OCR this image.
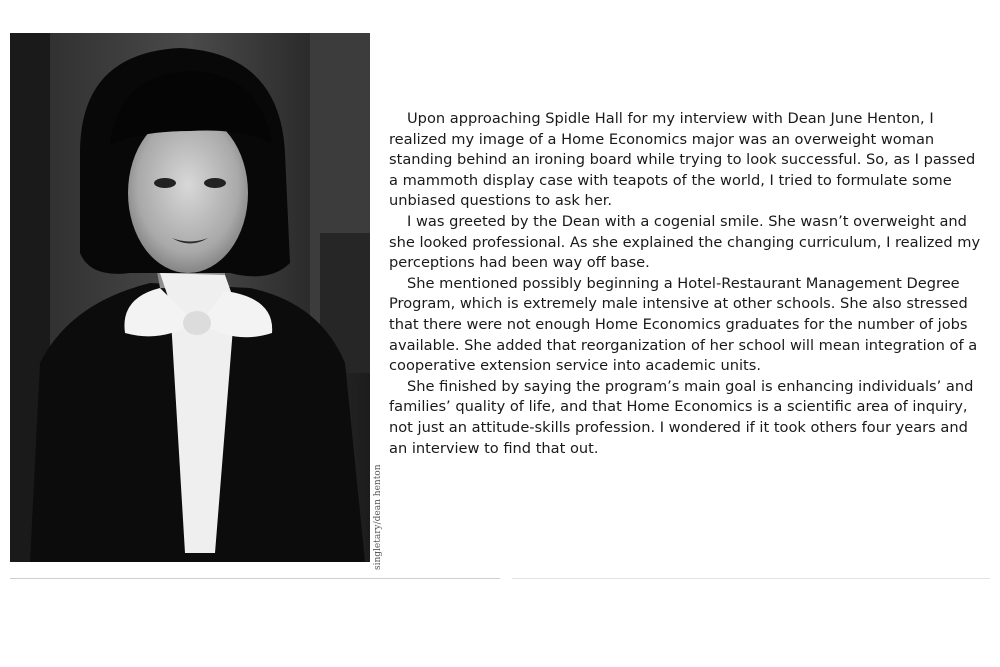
singletary/dean henton

Upon approaching Spidle Hall for my interview with Dean June Henton, I realized my image of a Home Economics major was an overweight woman standing behind an ironing board while trying to look successful. So, as I passed a mammoth display case with teapots of the world, I tried to formulate some unbiased questions to ask her.

I was greeted by the Dean with a cogenial smile. She wasn’t overweight and she looked professional. As she explained the changing curriculum, I realized my perceptions had been way off base.

She mentioned possibly beginning a Hotel-Restaurant Management Degree Program, which is extremely male intensive at other schools. She also stressed that there were not enough Home Economics graduates for the number of jobs available. She added that reorganization of her school will mean integration of a cooperative extension service into academic units.

She finished by saying the program’s main goal is enhancing individuals’ and families’ quality of life, and that Home Economics is a scientific area of inquiry, not just an attitude-skills profession. I wondered if it took others four years and an interview to find that out.
